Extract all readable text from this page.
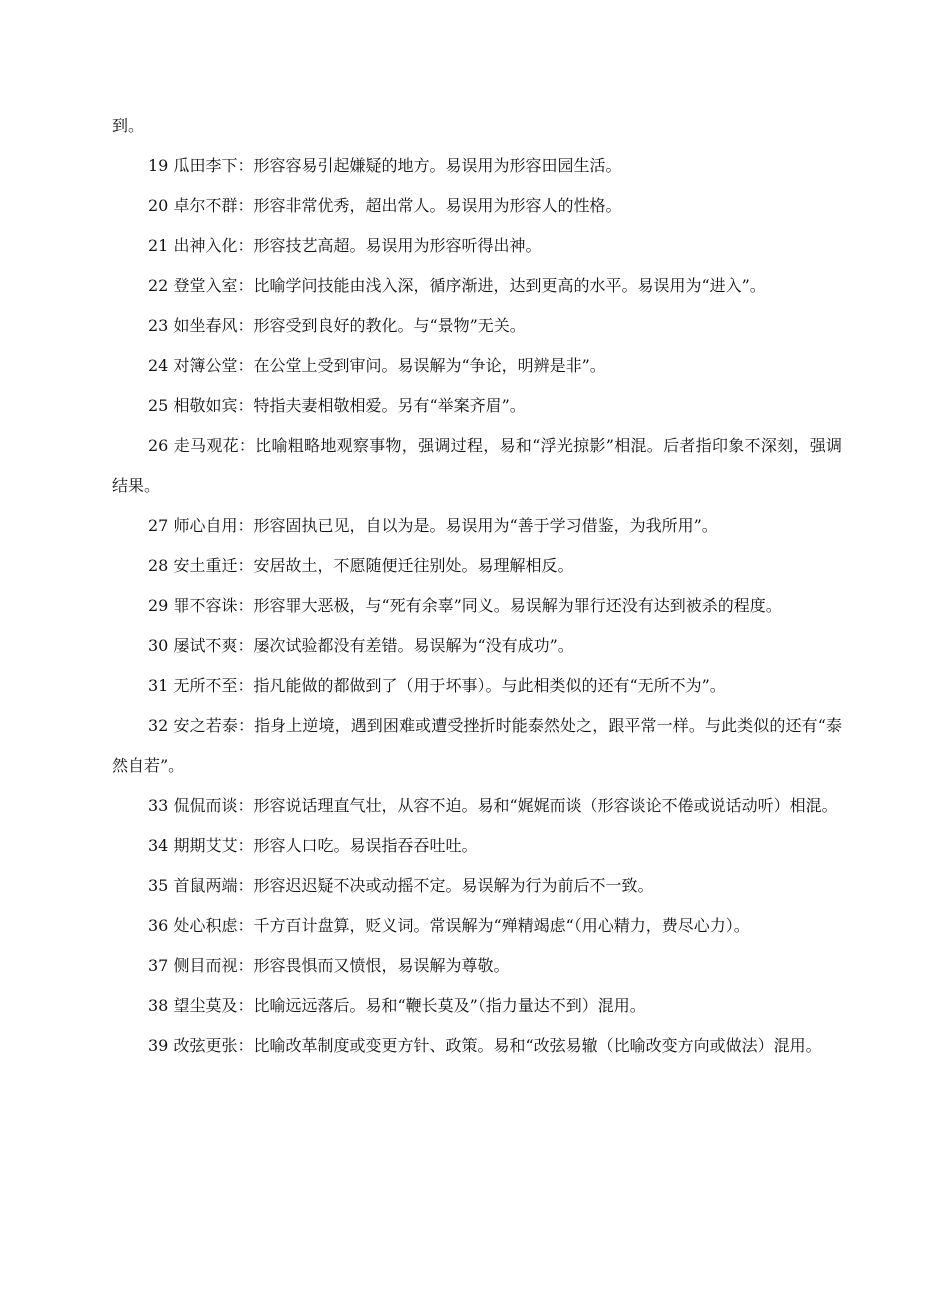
到。

19 瓜田李下：形容容易引起嫌疑的地方。易误用为形容田园生活。

20 卓尔不群：形容非常优秀，超出常人。易误用为形容人的性格。

21 出神入化：形容技艺高超。易误用为形容听得出神。

22 登堂入室：比喻学问技能由浅入深，循序渐进，达到更高的水平。易误用为“进入”。

23 如坐春风：形容受到良好的教化。与“景物”无关。

24 对簿公堂：在公堂上受到审问。易误解为“争论，明辨是非”。

25 相敬如宾：特指夫妻相敬相爱。另有“举案齐眉”。

26 走马观花：比喻粗略地观察事物，强调过程，易和“浮光掠影”相混。后者指印象不深刻，强调结果。

27 师心自用：形容固执已见，自以为是。易误用为“善于学习借鉴，为我所用”。

28 安土重迁：安居故土，不愿随便迁往别处。易理解相反。

29 罪不容诛：形容罪大恶极，与“死有余辜”同义。易误解为罪行还没有达到被杀的程度。

30 屡试不爽：屡次试验都没有差错。易误解为“没有成功”。

31 无所不至：指凡能做的都做到了（用于坏事）。与此相类似的还有“无所不为”。

32 安之若泰：指身上逆境，遇到困难或遭受挫折时能泰然处之，跟平常一样。与此类似的还有“泰然自若”。

33 侃侃而谈：形容说话理直气壮，从容不迫。易和“娓娓而谈（形容谈论不倦或说话动听）相混。

34 期期艾艾：形容人口吃。易误指吞吞吐吐。

35 首鼠两端：形容迟迟疑不决或动摇不定。易误解为行为前后不一致。

36 处心积虑：千方百计盘算，贬义词。常误解为“殚精竭虑“（用心精力，费尽心力）。

37 侧目而视：形容畏惧而又愤恨，易误解为尊敬。

38 望尘莫及：比喻远远落后。易和“鞭长莫及”（指力量达不到）混用。

39 改弦更张：比喻改革制度或变更方针、政策。易和“改弦易辙（比喻改变方向或做法）混用。
